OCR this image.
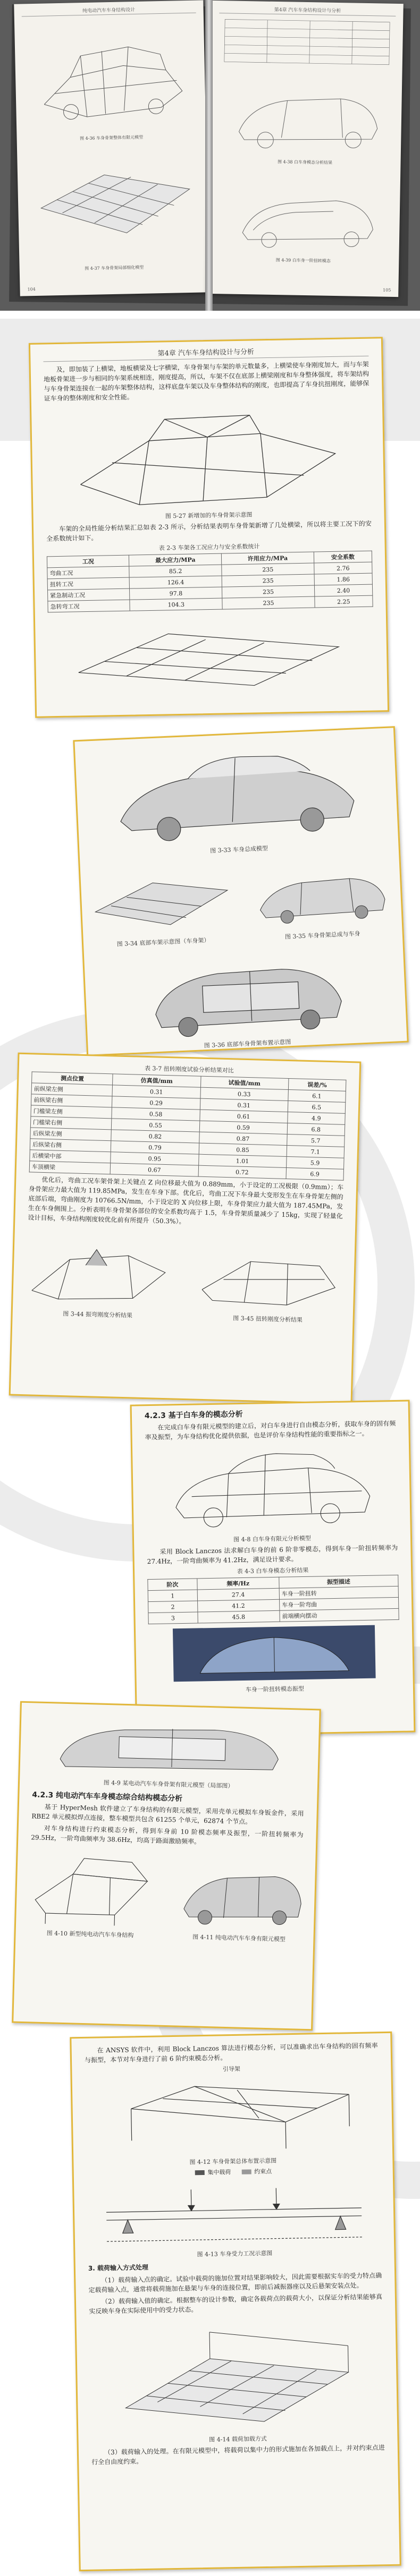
纯电动汽车车身结构设计
图 4-36 车身骨架整体有限元模型
图 4-37 车身骨架局部细化模型
104
第4章 汽车车身结构设计与分析
图 4-38 白车身模态分析结果
图 4-39 白车身一阶扭转模态
105
第4章 汽车车身结构设计与分析
及，即加装了上横梁，地板横梁及七字横梁，车身骨架与车架的单元数量多，上横梁使车身刚度加大，而与车架地板骨架进一步与相同的车架系统相连，刚度提高，所以，车架不仅在底部上横梁刚度和车身整体强度，将车架结构与车身骨架连接在一起的车架整体结构，这样底盘车架以及车身整体结构的刚度，也即提高了车身抗扭刚度，能够保证车身的整体刚度和安全性能。
图 5-27 新增加的车身骨架示意图
车架的全局性能分析结果汇总如表 2-3 所示，分析结果表明车身骨架新增了几处横梁，所以将主要工况下的安全系数统计如下。
表 2-3 车架各工况应力与安全系数统计
工况	最大应力/MPa	许用应力/MPa	安全系数
弯曲工况	85.2	235	2.76
扭转工况	126.4	235	1.86
紧急制动工况	97.8	235	2.40
急转弯工况	104.3	235	2.25
图 3-33 车身总成模型
图 3-34 底部车架示意图（车身架）
图 3-35 车身骨架总成与车身
图 3-36 底部车身骨架布置示意图
表 3-7 扭转刚度试验分析结果对比
测点位置	仿真值/mm	试验值/mm	误差/%
前纵梁左侧	0.31	0.33	6.1
前纵梁右侧	0.29	0.31	6.5
门槛梁左侧	0.58	0.61	4.9
门槛梁右侧	0.55	0.59	6.8
后纵梁左侧	0.82	0.87	5.7
后纵梁右侧	0.79	0.85	7.1
后横梁中部	0.95	1.01	5.9
车顶横梁	0.67	0.72	6.9
优化后，弯曲工况车架骨架上关键点 Z 向位移最大值为 0.889mm，小于设定的工况极限（0.9mm）；车身骨架应力最大值为 119.85MPa，发生在车身下部。优化后，弯曲工况下车身最大变形发生在车身骨架左侧的底部后端，弯曲刚度为 10766.5N/mm，小于设定的 X 向位移上限，车身骨架应力最大值为 187.45MPa，发生在车身侧围上。分析表明车身骨架各部位的安全系数均高于 1.5，车身骨架质量减少了 15kg，实现了轻量化设计目标，车身结构刚度较优化前有所提升（50.3%）。
图 3-44 振弯刚度分析结果
图 3-45 扭转刚度分析结果
4.2.3 基于白车身的模态分析
在完成白车身有限元模型的建立后，对白车身进行自由模态分析，获取车身的固有频率及振型，为车身结构优化提供依据，也是评价车身结构性能的重要指标之一。
图 4-8 白车身有限元分析模型
采用 Block Lanczos 法求解白车身的前 6 阶非零模态，得到车身一阶扭转频率为 27.4Hz，一阶弯曲频率为 41.2Hz，满足设计要求。
表 4-3 白车身模态分析结果
阶次	频率/Hz	振型描述
1	27.4	车身一阶扭转
2	41.2	车身一阶弯曲
3	45.8	前端横向摆动
车身一阶扭转模态振型
图 4-9 某电动汽车车身骨架有限元模型（局部图）
4.2.3 纯电动汽车车身模态综合结构模态分析
基于 HyperMesh 软件建立了车身结构的有限元模型，采用壳单元模拟车身钣金件，采用 RBE2 单元模拟焊点连接，整车模型共包含 61255 个单元，62874 个节点。
对车身结构进行约束模态分析，得到车身前 10 阶模态频率及振型，一阶扭转频率为 29.5Hz，一阶弯曲频率为 38.6Hz，均高于路面激励频率。
图 4-10 新型纯电动汽车车身结构	图 4-11 纯电动汽车车身有限元模型
在 ANSYS 软件中，利用 Block Lanczos 算法进行模态分析，可以准确求出车身结构的固有频率与振型，本节对车身进行了前 6 阶约束模态分析。
引导架
图 4-12 车身骨架总体布置示意图
集中载荷	约束点
图 4-13 车身受力工况示意图
3. 载荷输入方式处理
（1）载荷输入点的确定。试验中载荷的施加位置对结果影响较大，因此需要根据实车的受力特点确定载荷输入点，通常将载荷施加在悬架与车身的连接位置，即前后减振器座以及后悬架安装点处。
（2）载荷输入值的确定。根据整车的设计参数，确定各载荷点的载荷大小，以保证分析结果能够真实反映车身在实际使用中的受力状态。
图 4-14 载荷加载方式
（3）载荷输入的处理。在有限元模型中，将载荷以集中力的形式施加在各加载点上，并对约束点进行全自由度约束。
